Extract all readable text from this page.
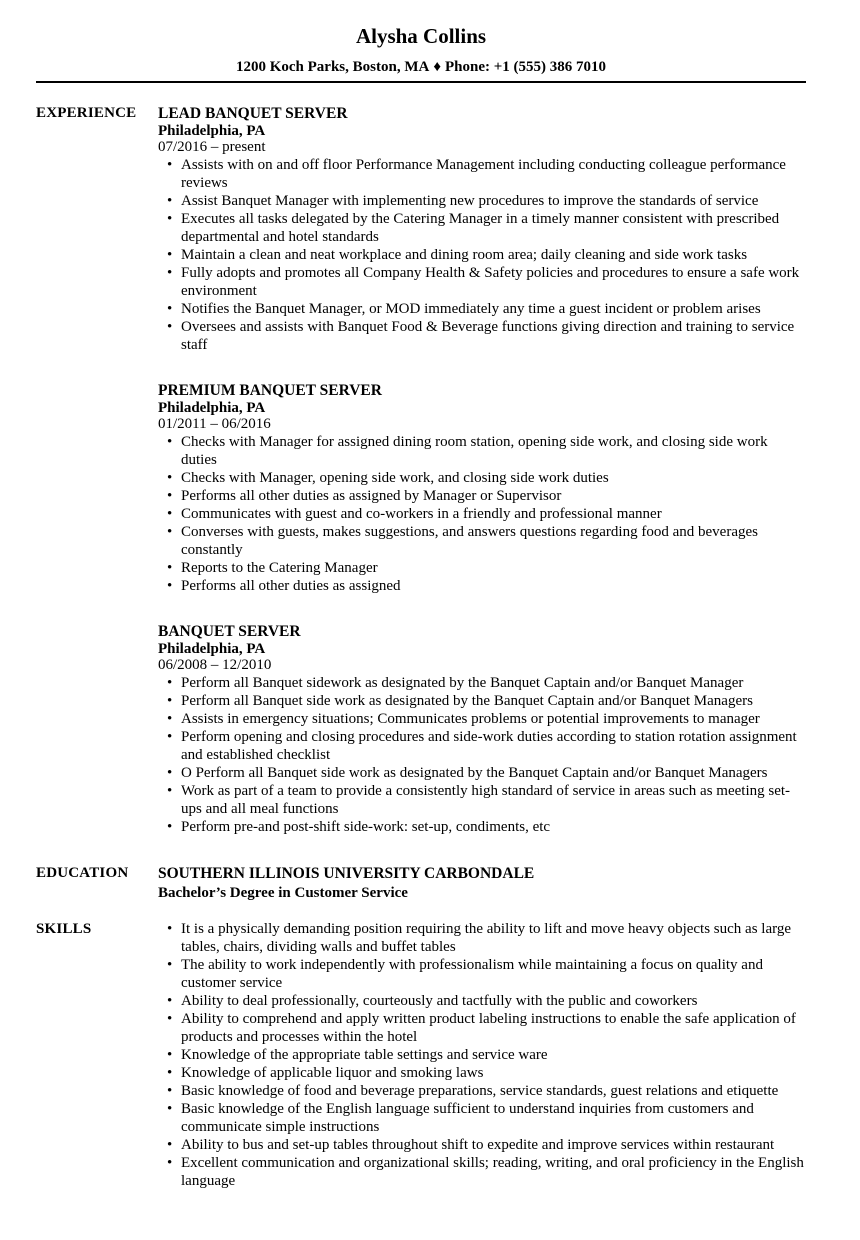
Alysha Collins
1200 Koch Parks, Boston, MA ♦ Phone: +1 (555) 386 7010
EXPERIENCE	LEAD BANQUET SERVER
Philadelphia, PA
07/2016 – present
• Assists with on and off floor Performance Management including conducting colleague performance reviews
• Assist Banquet Manager with implementing new procedures to improve the standards of service
• Executes all tasks delegated by the Catering Manager in a timely manner consistent with prescribed departmental and hotel standards
• Maintain a clean and neat workplace and dining room area; daily cleaning and side work tasks
• Fully adopts and promotes all Company Health & Safety policies and procedures to ensure a safe work environment
• Notifies the Banquet Manager, or MOD immediately any time a guest incident or problem arises
• Oversees and assists with Banquet Food & Beverage functions giving direction and training to service staff
PREMIUM BANQUET SERVER
Philadelphia, PA
01/2011 – 06/2016
• Checks with Manager for assigned dining room station, opening side work, and closing side work duties
• Checks with Manager, opening side work, and closing side work duties
• Performs all other duties as assigned by Manager or Supervisor
• Communicates with guest and co-workers in a friendly and professional manner
• Converses with guests, makes suggestions, and answers questions regarding food and beverages constantly
• Reports to the Catering Manager
• Performs all other duties as assigned
BANQUET SERVER
Philadelphia, PA
06/2008 – 12/2010
• Perform all Banquet sidework as designated by the Banquet Captain and/or Banquet Manager
• Perform all Banquet side work as designated by the Banquet Captain and/or Banquet Managers
• Assists in emergency situations; Communicates problems or potential improvements to manager
• Perform opening and closing procedures and side-work duties according to station rotation assignment and established checklist
• O Perform all Banquet side work as designated by the Banquet Captain and/or Banquet Managers
• Work as part of a team to provide a consistently high standard of service in areas such as meeting set-ups and all meal functions
• Perform pre-and post-shift side-work: set-up, condiments, etc
EDUCATION	SOUTHERN ILLINOIS UNIVERSITY CARBONDALE
Bachelor’s Degree in Customer Service
SKILLS	• It is a physically demanding position requiring the ability to lift and move heavy objects such as large tables, chairs, dividing walls and buffet tables
• The ability to work independently with professionalism while maintaining a focus on quality and customer service
• Ability to deal professionally, courteously and tactfully with the public and coworkers
• Ability to comprehend and apply written product labeling instructions to enable the safe application of products and processes within the hotel
• Knowledge of the appropriate table settings and service ware
• Knowledge of applicable liquor and smoking laws
• Basic knowledge of food and beverage preparations, service standards, guest relations and etiquette
• Basic knowledge of the English language sufficient to understand inquiries from customers and communicate simple instructions
• Ability to bus and set-up tables throughout shift to expedite and improve services within restaurant
• Excellent communication and organizational skills; reading, writing, and oral proficiency in the English language
